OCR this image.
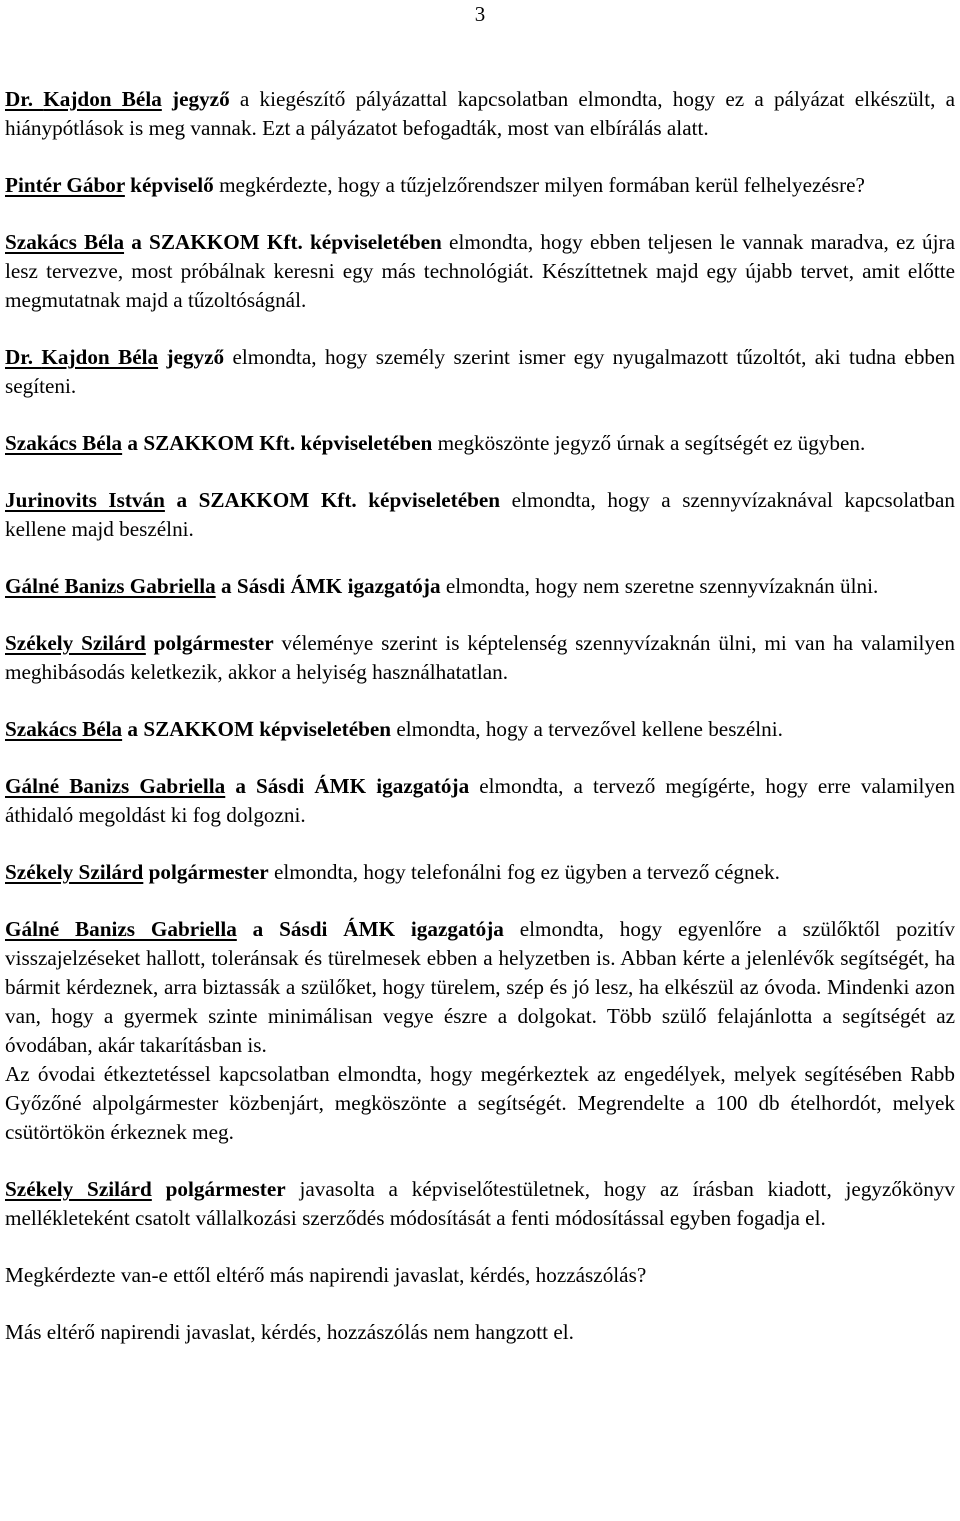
3

Dr. Kajdon Béla jegyző a kiegészítő pályázattal kapcsolatban elmondta, hogy ez a pályázat elkészült, a hiánypótlások is meg vannak. Ezt a pályázatot befogadták, most van elbírálás alatt.

Pintér Gábor képviselő megkérdezte, hogy a tűzjelzőrendszer milyen formában kerül felhelyezésre?

Szakács Béla a SZAKKOM Kft. képviseletében elmondta, hogy ebben teljesen le vannak maradva, ez újra lesz tervezve, most próbálnak keresni egy más technológiát. Készíttetnek majd egy újabb tervet, amit előtte megmutatnak majd a tűzoltóságnál.

Dr. Kajdon Béla jegyző elmondta, hogy személy szerint ismer egy nyugalmazott tűzoltót, aki tudna ebben segíteni.

Szakács Béla a SZAKKOM Kft. képviseletében megköszönte jegyző úrnak a segítségét ez ügyben.

Jurinovits István a SZAKKOM Kft. képviseletében elmondta, hogy a szennyvízaknával kapcsolatban kellene majd beszélni.

Gálné Banizs Gabriella a Sásdi ÁMK igazgatója elmondta, hogy nem szeretne szennyvízaknán ülni.

Székely Szilárd polgármester véleménye szerint is képtelenség szennyvízaknán ülni, mi van ha valamilyen meghibásodás keletkezik, akkor a helyiség használhatatlan.

Szakács Béla a SZAKKOM képviseletében elmondta, hogy a tervezővel kellene beszélni.

Gálné Banizs Gabriella a Sásdi ÁMK igazgatója elmondta, a tervező megígérte, hogy erre valamilyen áthidaló megoldást ki fog dolgozni.

Székely Szilárd polgármester elmondta, hogy telefonálni fog ez ügyben a tervező cégnek.

Gálné Banizs Gabriella a Sásdi ÁMK igazgatója elmondta, hogy egyenlőre a szülőktől pozitív visszajelzéseket hallott, toleránsak és türelmesek ebben a helyzetben is. Abban kérte a jelenlévők segítségét, ha bármit kérdeznek, arra biztassák a szülőket, hogy türelem, szép és jó lesz, ha elkészül az óvoda. Mindenki azon van, hogy a gyermek szinte minimálisan vegye észre a dolgokat. Több szülő felajánlotta a segítségét az óvodában, akár takarításban is.

Az óvodai étkeztetéssel kapcsolatban elmondta, hogy megérkeztek az engedélyek, melyek segítésében Rabb Győzőné alpolgármester közbenjárt, megköszönte a segítségét. Megrendelte a 100 db ételhordót, melyek csütörtökön érkeznek meg.

Székely Szilárd polgármester javasolta a képviselőtestületnek, hogy az írásban kiadott, jegyzőkönyv mellékleteként csatolt vállalkozási szerződés módosítását a fenti módosítással egyben fogadja el.

Megkérdezte van-e ettől eltérő más napirendi javaslat, kérdés, hozzászólás?

Más eltérő napirendi javaslat, kérdés, hozzászólás nem hangzott el.
